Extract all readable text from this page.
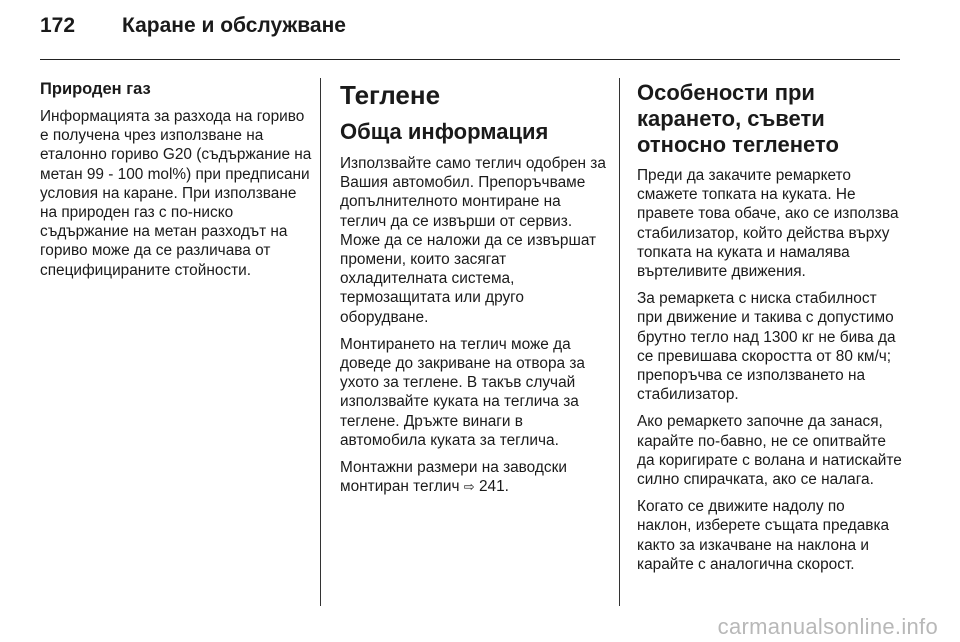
172	Каране и обслужване

Природен газ

Информацията за разхода на гориво е получена чрез използване на еталонно гориво G20 (съдържание на метан 99 - 100 mol%) при предписани условия на каране. При използване на природен газ с по-ниско съдържание на метан разходът на гориво може да се различава от специфицираните стойности.

Теглене

Обща информация

Използвайте само теглич одобрен за Вашия автомобил. Препоръчваме допълнителното монтиране на теглич да се извърши от сервиз. Може да се наложи да се извършат промени, които засягат охладителната система, термозащитата или друго оборудване.

Монтирането на теглич може да доведе до закриване на отвора за ухото за теглене. В такъв случай използвайте куката на теглича за теглене. Дръжте винаги в автомобила куката за теглича.

Монтажни размери на заводски монтиран теглич ⇨ 241.

Особености при карането, съвети относно тегленето

Преди да закачите ремаркето смажете топката на куката. Не правете това обаче, ако се използва стабилизатор, който действа върху топката на куката и намалява въртеливите движения.

За ремаркета с ниска стабилност при движение и такива с допустимо брутно тегло над 1300 кг не бива да се превишава скоростта от 80 км/ч; препоръчва се използването на стабилизатор.

Ако ремаркето започне да занася, карайте по-бавно, не се опитвайте да коригирате с волана и натискайте силно спирачката, ако се налага.

Когато се движите надолу по наклон, изберете същата предавка както за изкачване на наклона и карайте с аналогична скорост.

carmanualsonline.info
